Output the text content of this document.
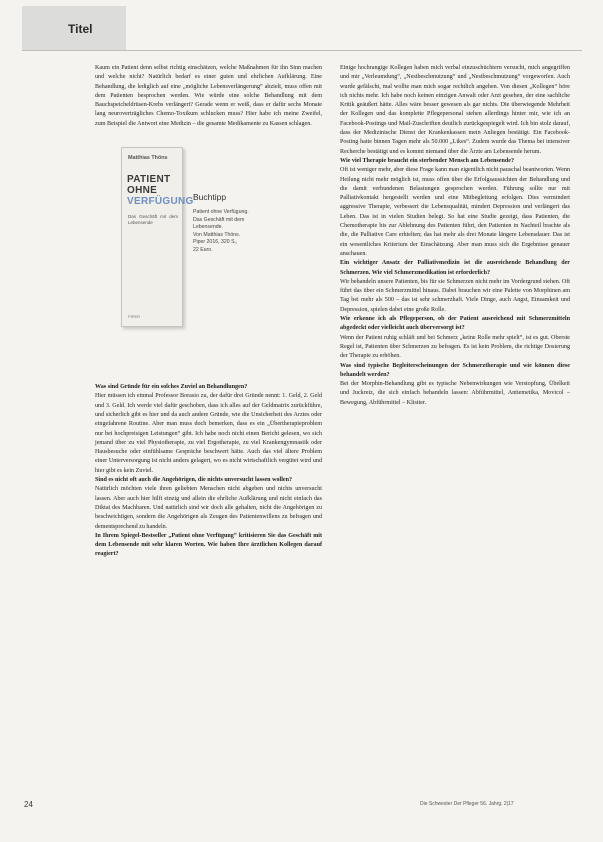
Titel

Kaum ein Patient denn selbst richtig einschätzen, welche Maßnahmen für ihn Sinn machen und welche nicht? Natürlich bedarf es einer guten und ehrlichen Aufklärung. Eine Behandlung, die lediglich auf eine „mögliche Lebensverlängerung“ abzielt, muss offen mit dem Patienten besprochen werden. Wie würde eine solche Behandlung mit dem Bauchspeicheldrüsen-Krebs verlängert? Gerade wenn er weiß, dass er dafür sechs Monate lang neuroverträgliches Chemo-Toxikum schlucken muss? Hier habe ich meine Zweifel, zum Beispiel die Antwort eine Medizin – die gesamte Medikamente zu Kassen schlagen.

Matthias Thöns
PATIENT
OHNE
VERFÜGUNG
Das Geschäft mit dem Lebensende
PIPER
Buchtipp
Patient ohne Verfügung.
Das Geschäft mit dem
Lebensende.
Von Matthias Thöns.
Piper 2016, 320 S.,
22 Euro.

Was sind Gründe für ein solches Zuviel an Behandlungen?

Hier müssen ich einmal Professor Borasio zu, der dafür drei Gründe nennt: 1. Geld, 2. Geld und 3. Geld. Ich werde viel dafür geschoben, dass ich alles auf der Geldmatrix zurückführe, und sicherlich gibt es hier und da auch andere Gründe, wie die Unsicherheit des Arztes oder eingefahrene Routine. Aber man muss doch bemerken, dass es ein „Übertherapieproblem nur bei hochpreisigen Leistungen“ gibt. Ich habe noch nicht einen Bericht gelesen, wo sich jemand über zu viel Physiotherapie, zu viel Ergotherapie, zu viel Krankengymnastik oder Hausbesuche oder einfühlsame Gespräche beschwert hätte. Auch das viel ältere Problem einer Unterversorgung ist nicht anders gelagert, wo es nicht wirtschaftlich vergütet wird und hier gibt es kein Zuviel.

Sind es nicht oft auch die Angehörigen, die nichts unversucht lassen wollen?

Natürlich möchten viele ihren geliebten Menschen nicht abgeben und nichts unversucht lassen. Aber auch hier hilft einzig und allein die ehrliche Aufklärung und nicht einfach das Diktat des Machbaren. Und natürlich sind wir doch alle gehalten, nicht die Angehörigen zu beschwichtigen, sondern die Angehörigen als Zeugen des Patientenwillens zu befragen und dementsprechend zu handeln.

In Ihrem Spiegel-Bestseller „Patient ohne Verfügung“ kritisieren Sie das Geschäft mit dem Lebensende mit sehr klaren Worten. Wie haben Ihre ärztlichen Kollegen darauf reagiert?

Einige hochrangige Kollegen haben mich verbal einzuschüchtern versucht, mich angegriffen und mir „Verleumdung“, „Nestbeschmutzung“ und „Nestbeschmutzung“ vorgeworfen. Auch wurde gefälscht, mal wollte man mich sogar rechtlich angehen. Von diesen „Kollegen“ höre ich nichts mehr. Ich habe noch keinen einzigen Anwalt oder Arzt gesehen, der eine sachliche Kritik geäußert hätte. Alles wäre besser gewesen als gar nichts. Die überwiegende Mehrheit der Kollegen und das komplette Pflegepersonal stehen allerdings hinter mir, wie ich an Facebook-Postings und Mail-Zuschriften deutlich zurückgespiegelt wird. Ich bin stolz darauf, dass der Medizinische Dienst der Krankenkassen mein Anliegen bestätigt. Ein Facebook-Posting hatte binnen Tagen mehr als 50.000 „Likes“. Zudem wurde das Thema bei intensiver Recherche bestätigt und es kommt niemand über die Ärzte am Lebensende herum.

Wie viel Therapie braucht ein sterbender Mensch am Lebensende?

Oft ist weniger mehr, aber diese Frage kann man eigentlich nicht pauschal beantworten. Wenn Heilung nicht mehr möglich ist, muss offen über die Erfolgsaussichten der Behandlung und die damit verbundenen Belastungen gesprochen werden. Führung sollte nur mit Palliativkontakt hergestellt werden und eine Mitbegleitung erfolgen. Dies vermindert aggressive Therapie, verbessert die Lebensqualität, mindert Depression und verlängert das Leben. Das ist in vielen Studien belegt. So hat eine Studie gezeigt, dass Patienten, die Chemotherapie bis zur Ablehnung des Patienten führt, den Patienten in Nachteil brachte als die, die Palliative Care erhielten; das hat mehr als drei Monate längere Lebensdauer. Das ist ein wesentliches Kriterium der Einschätzung. Aber man muss sich die Ergebnisse genauer anschauen.

Ein wichtiger Ansatz der Palliativmedizin ist die ausreichende Behandlung der Schmerzen. Wie viel Schmerzmedikation ist erforderlich?

Wir behandeln unsere Patienten, bis für sie Schmerzen nicht mehr im Vordergrund stehen. Oft führt das über ein Schmerzmittel hinaus. Dabei brauchen wir eine Palette von Morphinen am Tag bei mehr als 500 – das ist sehr schmerzhaft. Viele Dinge, auch Angst, Einsamkeit und Depression, spielen dabei eine große Rolle.

Wie erkenne ich als Pflegeperson, ob der Patient ausreichend mit Schmerzmitteln abgedeckt oder vielleicht auch überversorgt ist?

Wenn der Patient ruhig schläft und bei Schmerz „keine Rolle mehr spielt“, ist es gut. Oberste Regel ist, Patienten über Schmerzen zu befragen. Es ist kein Problem, die richtige Dosierung der Therapie zu erhöhen.

Was sind typische Begleiterscheinungen der Schmerztherapie und wie können diese behandelt werden?

Bei der Morphin-Behandlung gibt es typische Nebenwirkungen wie Verstopfung, Übelkeit und Juckreiz, die sich einfach behandeln lassen: Abführmittel, Antiemetika, Movicol – Bewegung, Abführmittel – Klistier.

24	Die Schwester Der Pfleger 56. Jahrg. 2|17
